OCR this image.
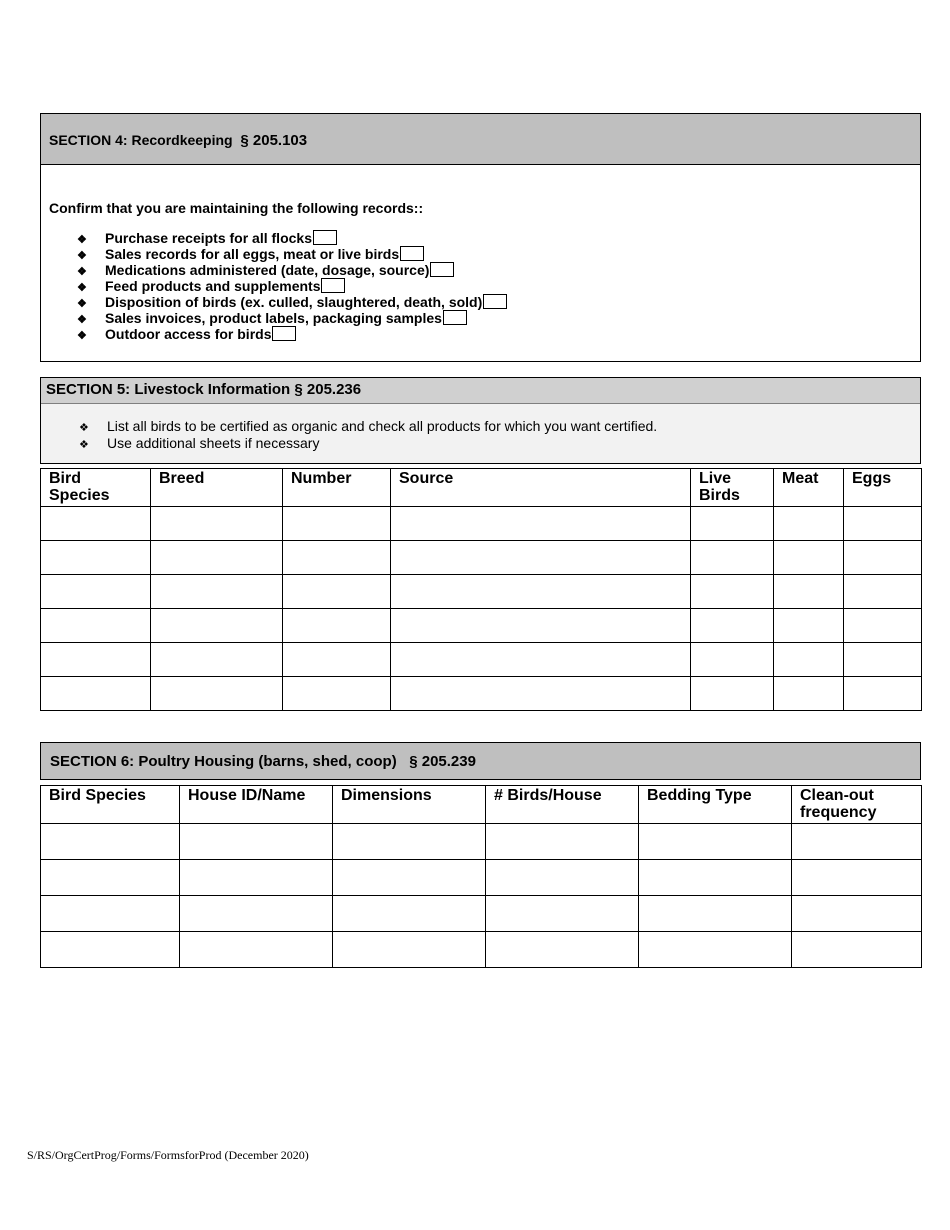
SECTION 4: Recordkeeping § 205.103
Confirm that you are maintaining the following records::
❖ Purchase receipts for all flocks
❖ Sales records for all eggs, meat or live birds
❖ Medications administered (date, dosage, source)
❖ Feed products and supplements
❖ Disposition of birds (ex. culled, slaughtered, death, sold)
❖ Sales invoices, product labels, packaging samples
❖ Outdoor access for birds
SECTION 5: Livestock Information § 205.236
❖ List all birds to be certified as organic and check all products for which you want certified.
❖ Use additional sheets if necessary
Bird Species	Breed	Number	Source	Live Birds	Meat	Eggs

SECTION 6: Poultry Housing (barns, shed, coop) § 205.239
Bird Species	House ID/Name	Dimensions	# Birds/House	Bedding Type	Clean-out frequency

S/RS/OrgCertProg/Forms/FormsforProd (December 2020)
